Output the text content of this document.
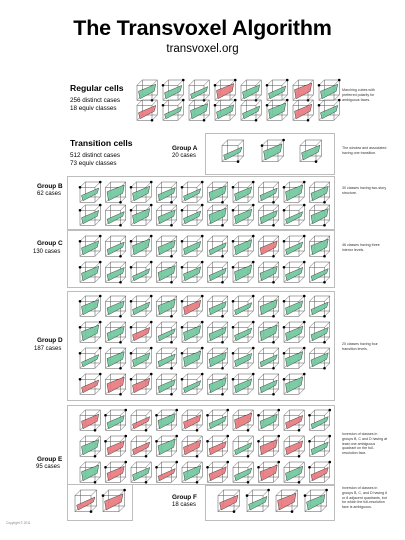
The Transvoxel Algorithm
transvoxel.org
Regular cells
256 distinct cases
18 equiv classes
Marching cubes with preferred polarity for ambiguous faces.
Transition cells
512 distinct cases
73 equiv classes
Group A
20 cases
The window and associated having one transition.
Group B
62 cases
30 classes having two-story structure.
Group C
130 cases
46 classes having three interior levels.
Group D
187 cases
20 classes having four transition levels.
Group E
95 cases
Inversion of classes in groups B, C and D having at least one ambiguous quadrant on the full-resolution face.
Group F
18 cases
Inversion of classes in groups B, C, and D having 6 or 8 adjacent quadrants, but for which the full-resolution face is ambiguous.
Copyright © 2011
